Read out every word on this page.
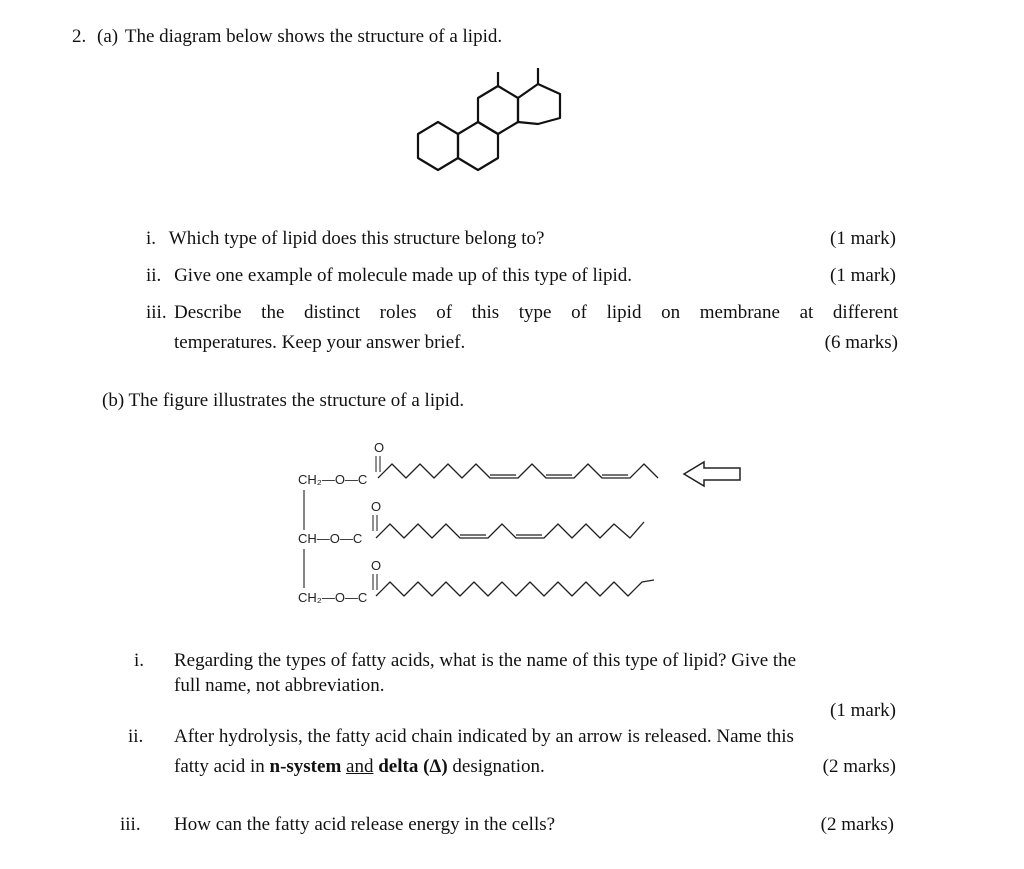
2. (a) The diagram below shows the structure of a lipid.
i. Which type of lipid does this structure belong to?	(1 mark)
ii. Give one example of molecule made up of this type of lipid.	(1 mark)
iii. Describe the distinct roles of this type of lipid on membrane at different
temperatures. Keep your answer brief.	(6 marks)
(b) The figure illustrates the structure of a lipid.
CH₂—O—C
CH—O—C
CH₂—O—C
O
O
O
i. Regarding the types of fatty acids, what is the name of this type of lipid? Give the
full name, not abbreviation.
(1 mark)
ii. After hydrolysis, the fatty acid chain indicated by an arrow is released. Name this
fatty acid in n-system and delta (Δ) designation.	(2 marks)
iii. How can the fatty acid release energy in the cells?	(2 marks)
